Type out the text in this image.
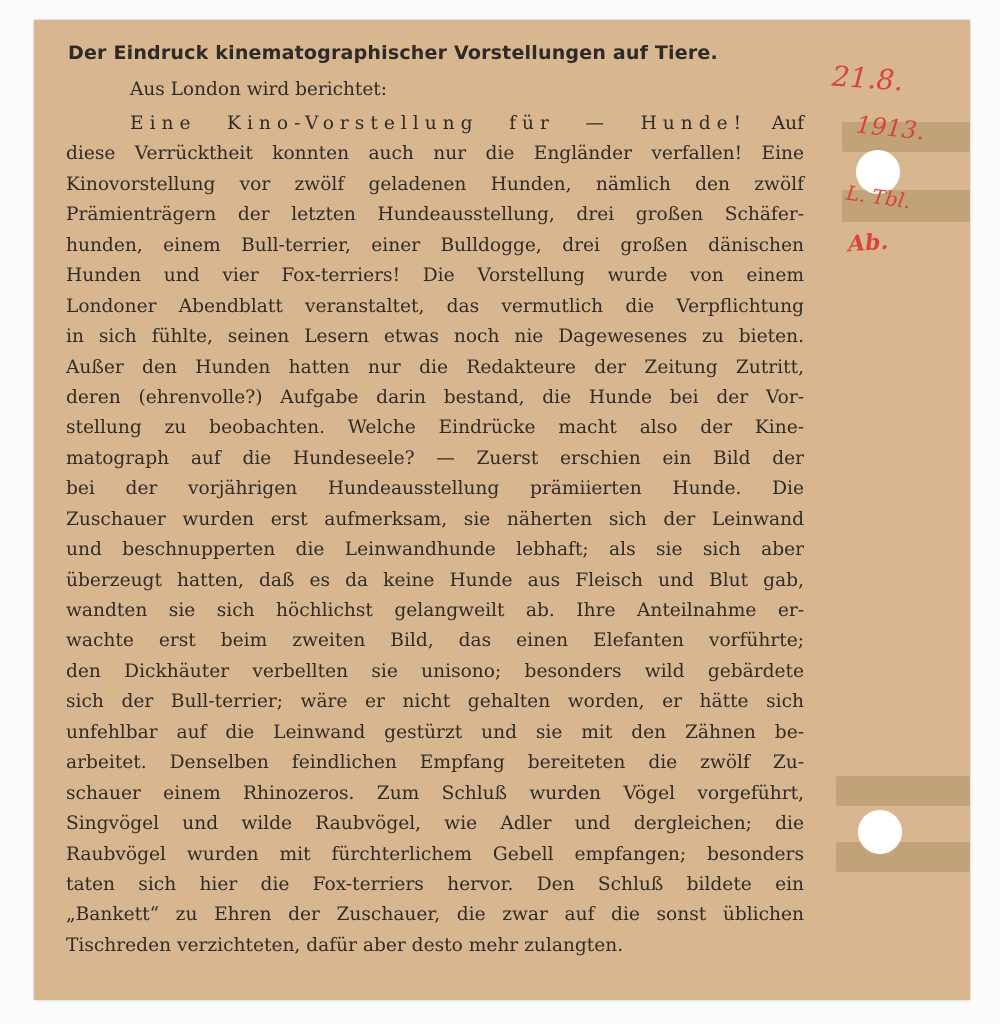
21.8.
1913.
L. Tbl.
Ab.
Der Eindruck kinematographischer Vorstellungen auf Tiere.
Aus London wird berichtet:
Eine Kino-Vorstellung für — Hunde! Auf
diese Verrücktheit konnten auch nur die Engländer verfallen! Eine
Kinovorstellung vor zwölf geladenen Hunden, nämlich den zwölf
Prämienträgern der letzten Hundeausstellung, drei großen Schäfer-
hunden, einem Bull-terrier, einer Bulldogge, drei großen dänischen
Hunden und vier Fox-terriers! Die Vorstellung wurde von einem
Londoner Abendblatt veranstaltet, das vermutlich die Verpflichtung
in sich fühlte, seinen Lesern etwas noch nie Dagewesenes zu bieten.
Außer den Hunden hatten nur die Redakteure der Zeitung Zutritt,
deren (ehrenvolle?) Aufgabe darin bestand, die Hunde bei der Vor-
stellung zu beobachten. Welche Eindrücke macht also der Kine-
matograph auf die Hundeseele? — Zuerst erschien ein Bild der
bei der vorjährigen Hundeausstellung prämiierten Hunde. Die
Zuschauer wurden erst aufmerksam, sie näherten sich der Leinwand
und beschnupperten die Leinwandhunde lebhaft; als sie sich aber
überzeugt hatten, daß es da keine Hunde aus Fleisch und Blut gab,
wandten sie sich höchlichst gelangweilt ab. Ihre Anteilnahme er-
wachte erst beim zweiten Bild, das einen Elefanten vorführte;
den Dickhäuter verbellten sie unisono; besonders wild gebärdete
sich der Bull-terrier; wäre er nicht gehalten worden, er hätte sich
unfehlbar auf die Leinwand gestürzt und sie mit den Zähnen be-
arbeitet. Denselben feindlichen Empfang bereiteten die zwölf Zu-
schauer einem Rhinozeros. Zum Schluß wurden Vögel vorgeführt,
Singvögel und wilde Raubvögel, wie Adler und dergleichen; die
Raubvögel wurden mit fürchterlichem Gebell empfangen; besonders
taten sich hier die Fox-terriers hervor. Den Schluß bildete ein
„Bankett“ zu Ehren der Zuschauer, die zwar auf die sonst üblichen
Tischreden verzichteten, dafür aber desto mehr zulangten.
